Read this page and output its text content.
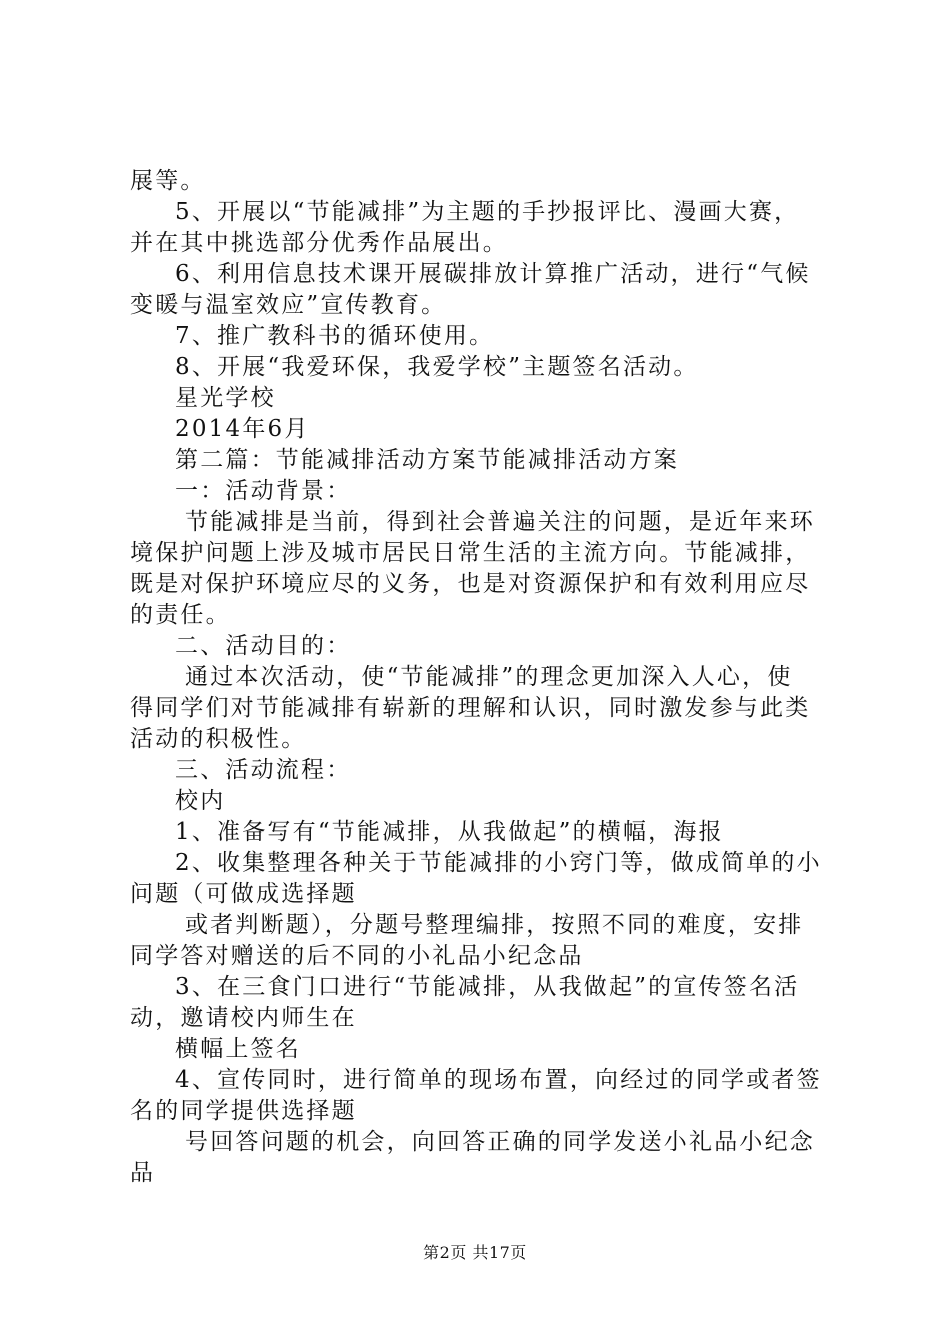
展等。

5、开展以“节能减排”为主题的手抄报评比、漫画大赛，

并在其中挑选部分优秀作品展出。

6、利用信息技术课开展碳排放计算推广活动，进行“气候

变暖与温室效应”宣传教育。

7、推广教科书的循环使用。

8、开展“我爱环保，我爱学校”主题签名活动。

星光学校

2014年6月

第二篇：节能减排活动方案节能减排活动方案

一：活动背景：

节能减排是当前，得到社会普遍关注的问题，是近年来环

境保护问题上涉及城市居民日常生活的主流方向。节能减排，

既是对保护环境应尽的义务，也是对资源保护和有效利用应尽

的责任。

二、活动目的：

通过本次活动，使“节能减排”的理念更加深入人心，使

得同学们对节能减排有崭新的理解和认识，同时激发参与此类

活动的积极性。

三、活动流程：

校内

1、准备写有“节能减排，从我做起”的横幅，海报

2、收集整理各种关于节能减排的小窍门等，做成简单的小

问题（可做成选择题

或者判断题），分题号整理编排，按照不同的难度，安排

同学答对赠送的后不同的小礼品小纪念品

3、在三食门口进行“节能减排，从我做起”的宣传签名活

动，邀请校内师生在

横幅上签名

4、宣传同时，进行简单的现场布置，向经过的同学或者签

名的同学提供选择题

号回答问题的机会，向回答正确的同学发送小礼品小纪念

品

第2页 共17页
